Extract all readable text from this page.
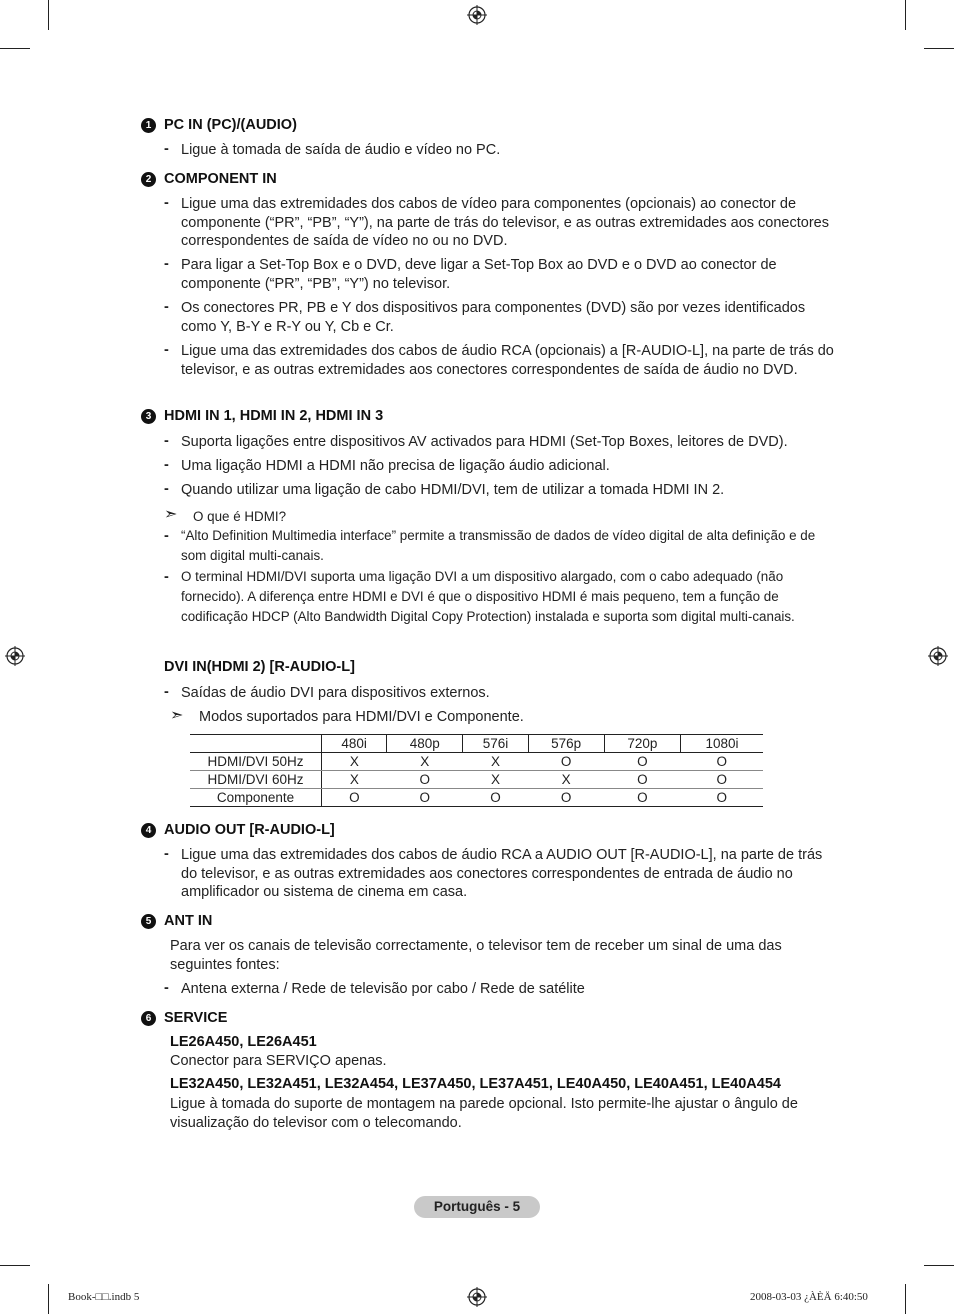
1 PC IN (PC)/(AUDIO)
- Ligue à tomada de saída de áudio e vídeo no PC.
2 COMPONENT IN
- Ligue uma das extremidades dos cabos de vídeo para componentes (opcionais) ao conector de componente (“PR”, “PB”, “Y”), na parte de trás do televisor, e as outras extremidades aos conectores correspondentes de saída de vídeo no ou no DVD.
- Para ligar a Set-Top Box e o DVD, deve ligar a Set-Top Box ao DVD e o DVD ao conector de componente (“PR”, “PB”, “Y”) no televisor.
- Os conectores PR, PB e Y dos dispositivos para componentes (DVD) são por vezes identificados como Y, B-Y e R-Y ou Y, Cb e Cr.
- Ligue uma das extremidades dos cabos de áudio RCA (opcionais) a [R-AUDIO-L], na parte de trás do televisor, e as outras extremidades aos conectores correspondentes de saída de áudio no DVD.
3 HDMI IN 1, HDMI IN 2, HDMI IN 3
- Suporta ligações entre dispositivos AV activados para HDMI (Set-Top Boxes, leitores de DVD).
- Uma ligação HDMI a HDMI não precisa de ligação áudio adicional.
- Quando utilizar uma ligação de cabo HDMI/DVI, tem de utilizar a tomada HDMI IN 2.
➣ O que é HDMI?
- “Alto Definition Multimedia interface” permite a transmissão de dados de vídeo digital de alta definição e de som digital multi-canais.
- O terminal HDMI/DVI suporta uma ligação DVI a um dispositivo alargado, com o cabo adequado (não fornecido). A diferença entre HDMI e DVI é que o dispositivo HDMI é mais pequeno, tem a função de codificação HDCP (Alto Bandwidth Digital Copy Protection) instalada e suporta som digital multi-canais.
DVI IN(HDMI 2) [R-AUDIO-L]
- Saídas de áudio DVI para dispositivos externos.
➣ Modos suportados para HDMI/DVI e Componente.
	480i	480p	576i	576p	720p	1080i
HDMI/DVI 50Hz	X	X	X	O	O	O
HDMI/DVI 60Hz	X	O	X	X	O	O
Componente	O	O	O	O	O	O
4 AUDIO OUT [R-AUDIO-L]
- Ligue uma das extremidades dos cabos de áudio RCA a AUDIO OUT [R-AUDIO-L], na parte de trás do televisor, e as outras extremidades aos conectores correspondentes de entrada de áudio no amplificador ou sistema de cinema em casa.
5 ANT IN
Para ver os canais de televisão correctamente, o televisor tem de receber um sinal de uma das seguintes fontes:
- Antena externa / Rede de televisão por cabo / Rede de satélite
6 SERVICE
LE26A450, LE26A451
Conector para SERVIÇO apenas.
LE32A450, LE32A451, LE32A454, LE37A450, LE37A451, LE40A450, LE40A451, LE40A454
Ligue à tomada do suporte de montagem na parede opcional. Isto permite-lhe ajustar o ângulo de visualização do televisor com o telecomando.
Português - 5
Book-□□.indb 5	2008-03-03 ¿ÀÈÄ 6:40:50
